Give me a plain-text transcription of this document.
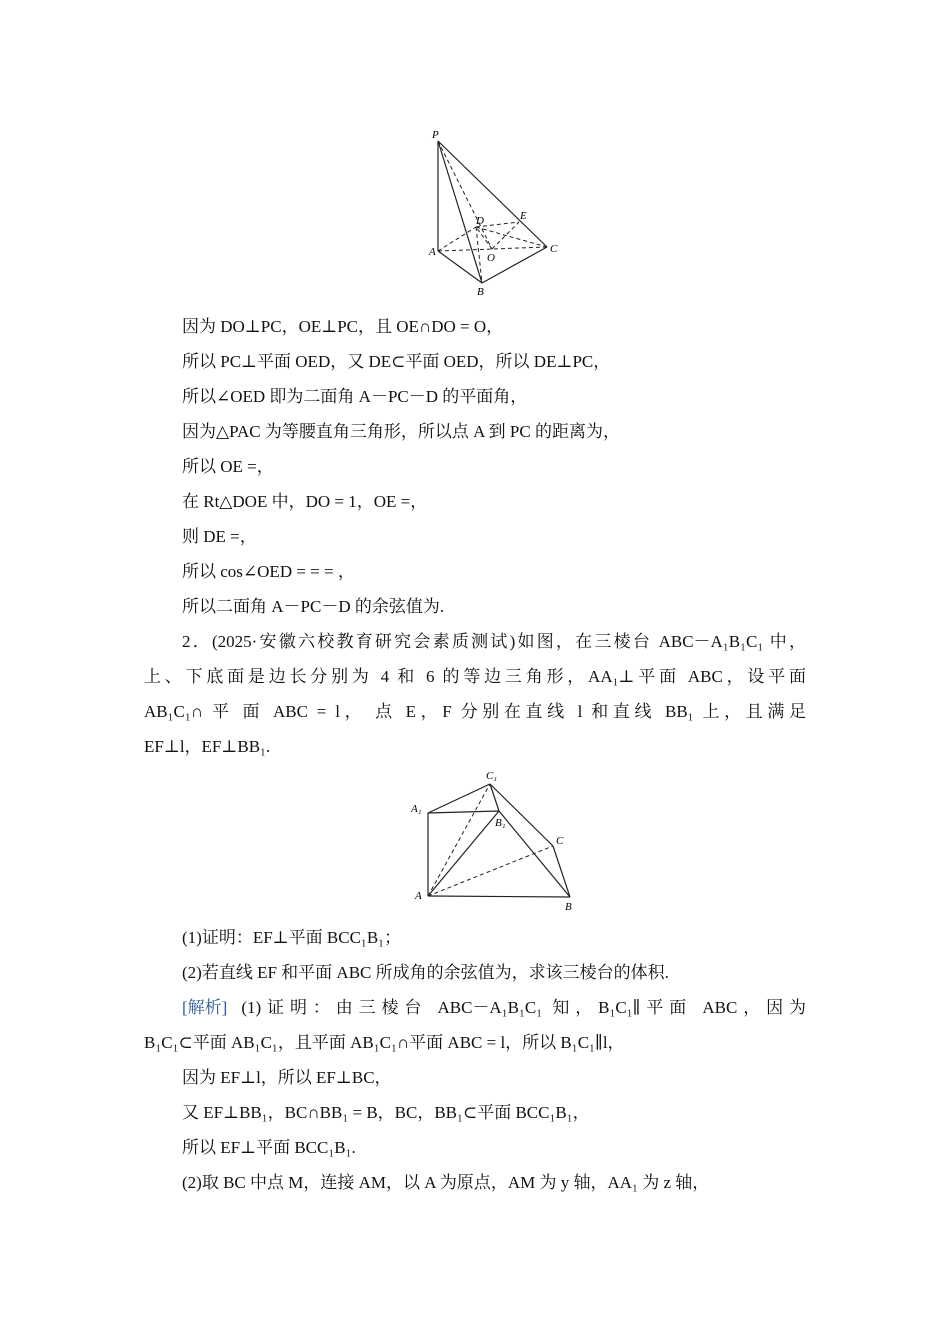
P
D	E
A	O
C
B
因为 DO⊥PC，OE⊥PC，且 OE∩DO = O，
所以 PC⊥平面 OED，又 DE⊂平面 OED，所以 DE⊥PC，
所以∠OED 即为二面角 A－PC－D 的平面角，
因为△PAC 为等腰直角三角形，所以点 A 到 PC 的距离为，
所以 OE =，
在 Rt△DOE 中，DO = 1，OE =，
则 DE =，
所以 cos∠OED = = = ，
所以二面角 A－PC－D 的余弦值为.
2．(2025·安徽六校教育研究会素质测试)如图，在三棱台 ABC－A₁B₁C₁ 中，
上、下底面是边长分别为 4 和 6 的等边三角形，AA₁⊥平面 ABC，设平面
AB₁C₁∩ 平 面 ABC = l， 点 E，F 分别在直线 l 和直线 BB₁ 上，且满足
EF⊥l，EF⊥BB₁.
C₁
A₁
B₁
C
A
B
(1)证明：EF⊥平面 BCC₁B₁；
(2)若直线 EF 和平面 ABC 所成角的余弦值为，求该三棱台的体积.
[解析] (1)证明：由三棱台 ABC－A₁B₁C₁ 知，B₁C₁∥平面 ABC，因为
B₁C₁⊂平面 AB₁C₁，且平面 AB₁C₁∩平面 ABC = l，所以 B₁C₁∥l，
因为 EF⊥l，所以 EF⊥BC，
又 EF⊥BB₁，BC∩BB₁ = B，BC，BB₁⊂平面 BCC₁B₁，
所以 EF⊥平面 BCC₁B₁.
(2)取 BC 中点 M，连接 AM，以 A 为原点，AM 为 y 轴，AA₁ 为 z 轴，
